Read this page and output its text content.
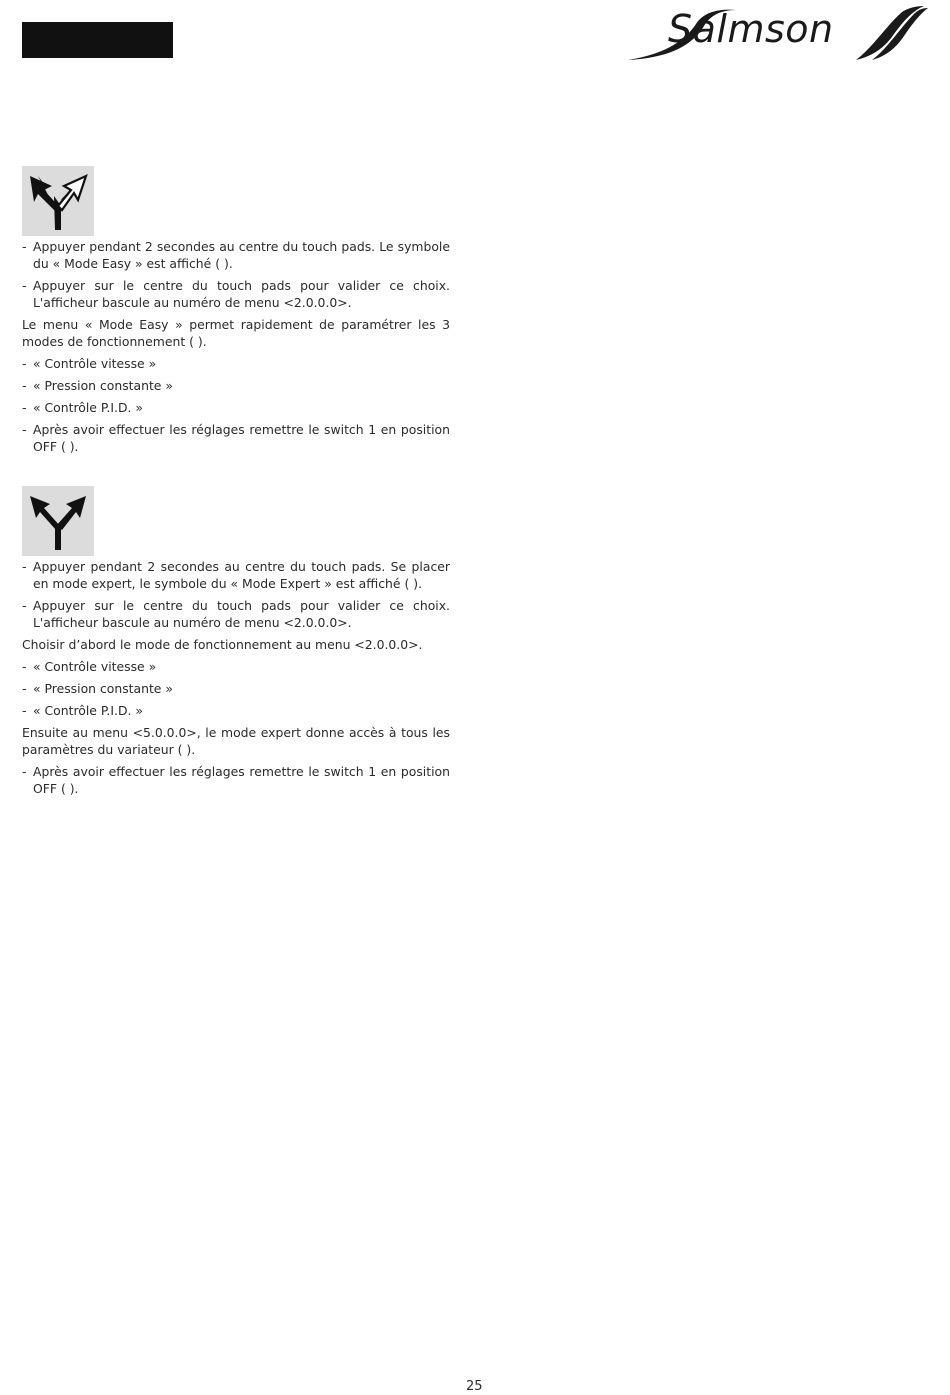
Salmson

- Appuyer pendant 2 secondes au centre du touch pads. Le symbole du « Mode Easy » est affiché ( ).

- Appuyer sur le centre du touch pads pour valider ce choix. L'afficheur bascule au numéro de menu <2.0.0.0>.

Le menu « Mode Easy » permet rapidement de paramétrer les 3 modes de fonctionnement ( ).

- « Contrôle vitesse »

- « Pression constante »

- « Contrôle P.I.D. »

- Après avoir effectuer les réglages remettre le switch 1 en position OFF ( ).

- Appuyer pendant 2 secondes au centre du touch pads. Se placer en mode expert, le symbole du « Mode Expert » est affiché ( ).

- Appuyer sur le centre du touch pads pour valider ce choix. L'afficheur bascule au numéro de menu <2.0.0.0>.

Choisir d’abord le mode de fonctionnement au menu <2.0.0.0>.

- « Contrôle vitesse »

- « Pression constante »

- « Contrôle P.I.D. »

Ensuite au menu <5.0.0.0>, le mode expert donne accès à tous les paramètres du variateur ( ).

- Après avoir effectuer les réglages remettre le switch 1 en position OFF ( ).

25
